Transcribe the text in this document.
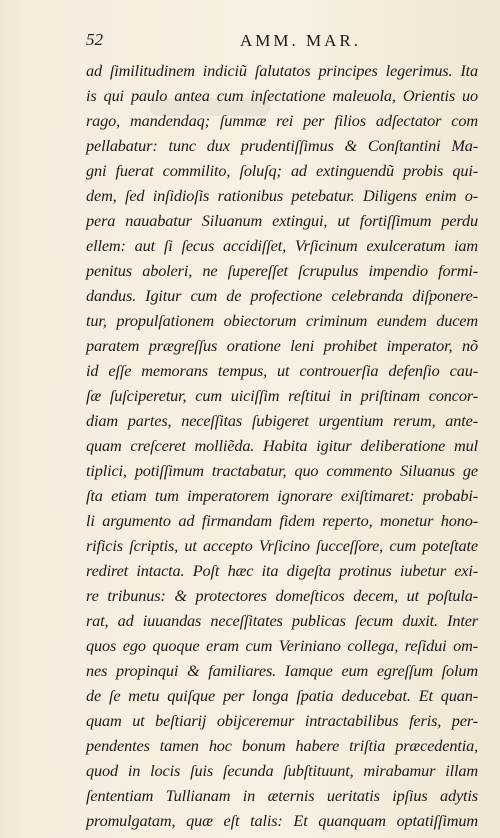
52	AMM. MAR.
ad ſimilitudinem indiciũ ſalutatos principes legerimus. Ita
is qui paulo antea cum inſectatione maleuola, Orientis uo
rago, mandendaq; ſummæ rei per filios adſectator com
pellabatur: tunc dux prudentiſſimus & Conſtantini Ma-
gni fuerat commilito, ſoluſq; ad extinguendũ probis qui-
dem, ſed inſidioſis rationibus petebatur. Diligens enim o-
pera nauabatur Siluanum extingui, ut fortiſſimum perdu
ellem: aut ſi ſecus accidiſſet, Vrſicinum exulceratum iam
penitus aboleri, ne ſupereſſet ſcrupulus impendio formi-
dandus. Igitur cum de profectione celebranda diſponere-
tur, propulſationem obiectorum criminum eundem ducem
paratem prægreſſus oratione leni prohibet imperator, nõ
id eſſe memorans tempus, ut controuerſia defenſio cau-
ſæ ſuſciperetur, cum uiciſſim reſtitui in priſtinam concor-
diam partes, neceſſitas ſubigeret urgentium rerum, ante-
quam creſceret molliẽda. Habita igitur deliberatione mul
tiplici, potiſſimum tractabatur, quo commento Siluanus ge
ſta etiam tum imperatorem ignorare exiſtimaret: probabi-
li argumento ad firmandam fidem reperto, monetur hono-
rificis ſcriptis, ut accepto Vrſicino ſucceſſore, cum poteſtate
rediret intacta. Poſt hæc ita digeſta protinus iubetur exi-
re tribunus: & protectores domeſticos decem, ut poſtula-
rat, ad iuuandas neceſſitates publicas ſecum duxit. Inter
quos ego quoque eram cum Veriniano collega, reſidui om-
nes propinqui & familiares. Iamque eum egreſſum ſolum
de ſe metu quiſque per longa ſpatia deducebat. Et quan-
quam ut beſtiarij obijceremur intractabilibus feris, per-
pendentes tamen hoc bonum habere triſtia præcedentia,
quod in locis ſuis ſecunda ſubſtituunt, mirabamur illam
ſententiam Tullianam in æternis ueritatis ipſius adytis
promulgatam, quæ eſt talis: Et quanquam optatiſſimum
